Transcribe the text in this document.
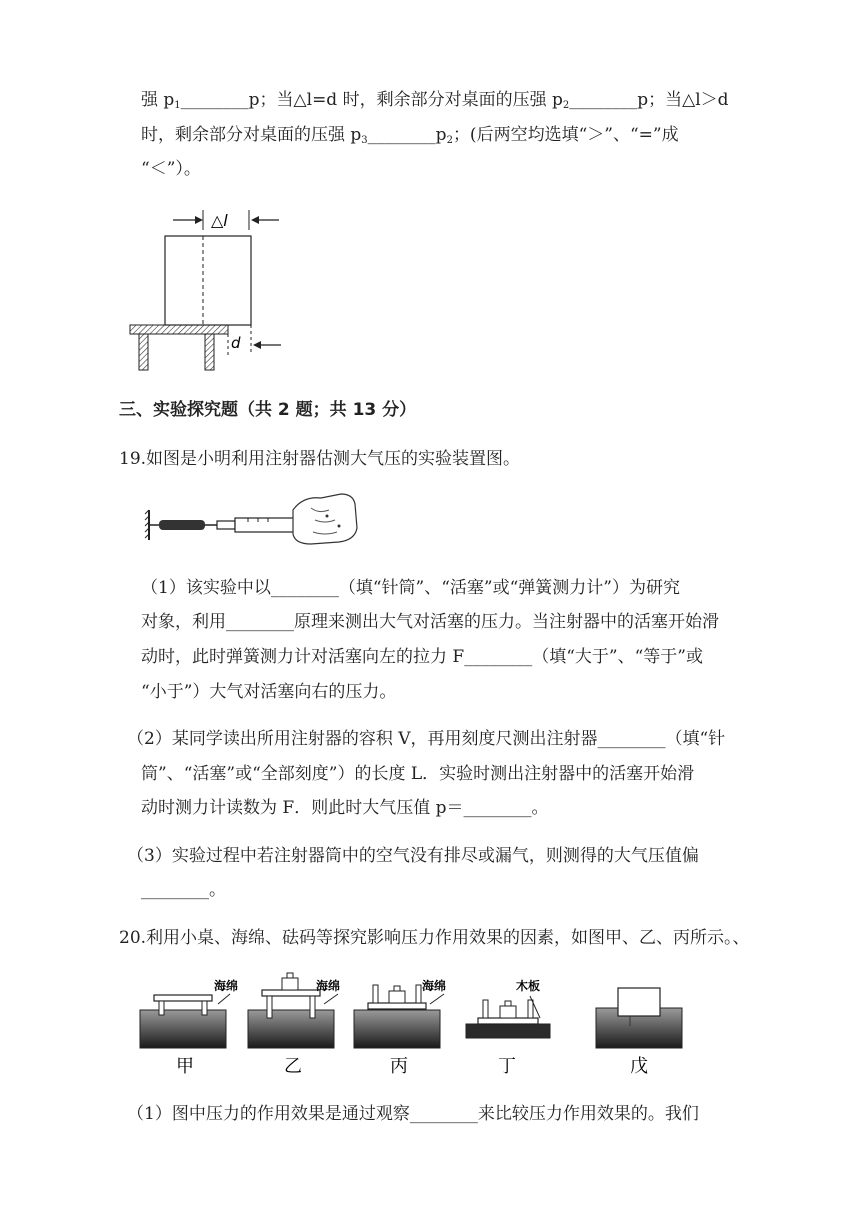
强 $p_1\_\_\_\_\_\_\_\_p$；当△l=d 时，剩余部分对桌面的压强 $p_2\_\_\_\_\_\_\_\_p$；当△l＞d
时，剩余部分对桌面的压强 $p_3\_\_\_\_\_\_\_\_p_2$；(后两空均选填“＞”、“=”成
“＜”）。
△l
d
三、实验探究题（共 2 题；共 13 分）
19.如图是小明利用注射器估测大气压的实验装置图。
（1）该实验中以________（填“针筒”、“活塞”或“弹簧测力计”）为研究
对象，利用________原理来测出大气对活塞的压力。当注射器中的活塞开始滑
动时，此时弹簧测力计对活塞向左的拉力 F________（填“大于”、“等于”或
“小于”）大气对活塞向右的压力。
（2）某同学读出所用注射器的容积 V，再用刻度尺测出注射器________（填“针
筒”、“活塞”或“全部刻度”）的长度 L．实验时测出注射器中的活塞开始滑
动时测力计读数为 F．则此时大气压值 p＝________。
（3）实验过程中若注射器筒中的空气没有排尽或漏气，则测得的大气压值偏
________。
20.利用小桌、海绵、砝码等探究影响压力作用效果的因素，如图甲、乙、丙所示。、
海绵
甲
海绵
乙
海绵
丙
木板
丁	戊
（1）图中压力的作用效果是通过观察________来比较压力作用效果的。我们
